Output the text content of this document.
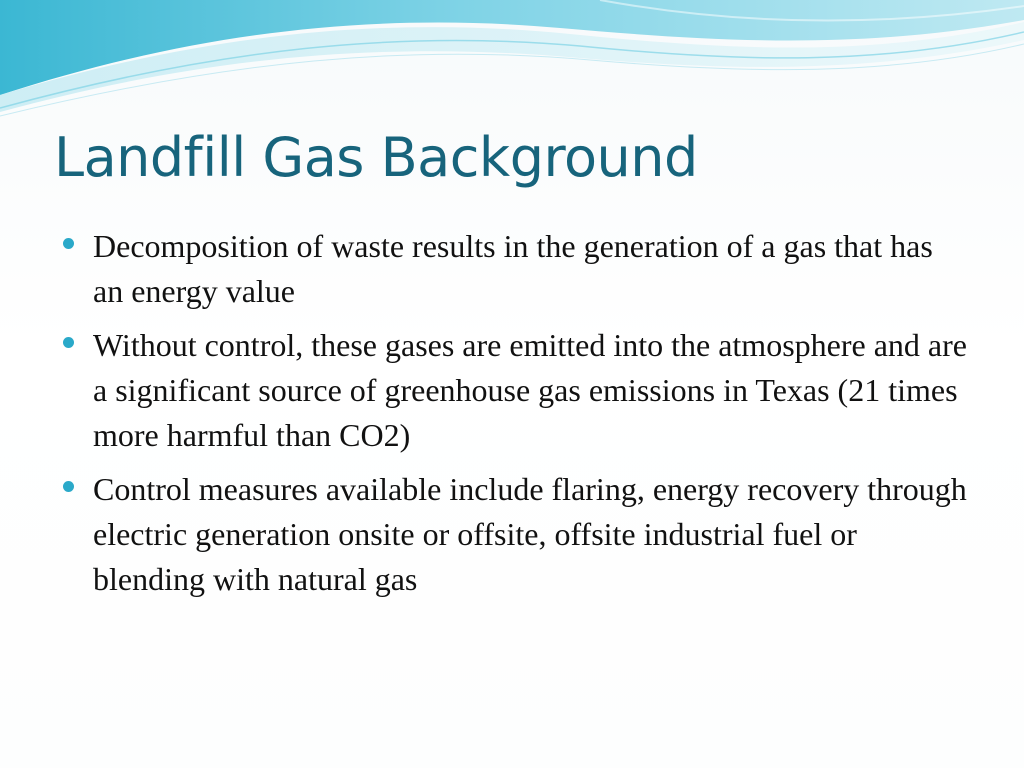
Landfill Gas Background
Decomposition of waste results in the generation of a gas that has an energy value
Without control, these gases are emitted into the atmosphere and are a significant source of greenhouse gas emissions in Texas (21 times more harmful than CO2)
Control measures available include flaring, energy recovery through electric generation onsite or offsite, offsite industrial fuel or blending with natural gas
